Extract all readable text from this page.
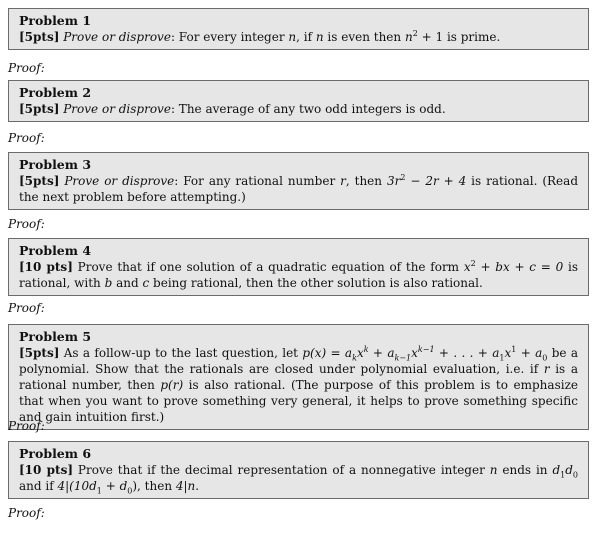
Problem 1
[5pts] Prove or disprove: For every integer n, if n is even then $n^2 + 1$ is prime.
Proof:
Problem 2
[5pts] Prove or disprove: The average of any two odd integers is odd.
Proof:
Problem 3
[5pts] Prove or disprove: For any rational number r, then $3r^2 - 2r + 4$ is rational. (Read the next problem before attempting.)
Proof:
Problem 4
[10 pts] Prove that if one solution of a quadratic equation of the form $x^2$ + bx + c = 0 is rational, with b and c being rational, then the other solution is also rational.
Proof:
Problem 5
[5pts] As a follow-up to the last question, let $p(x) = a_kx^k + a_{k-1}x^{k-1}$ + . . . + $a_1x^1 + a_0$ be a polynomial. Show that the rationals are closed under polynomial evaluation, i.e. if r is a rational number, then p(r) is also rational. (The purpose of this problem is to emphasize that when you want to prove something very general, it helps to prove something specific and gain intuition first.)
Proof:
Problem 6
[10 pts] Prove that if the decimal representation of a nonnegative integer n ends in $d_1d_0$ and if $4|(10d_1 + d_0)$, then 4|n.
Proof:
